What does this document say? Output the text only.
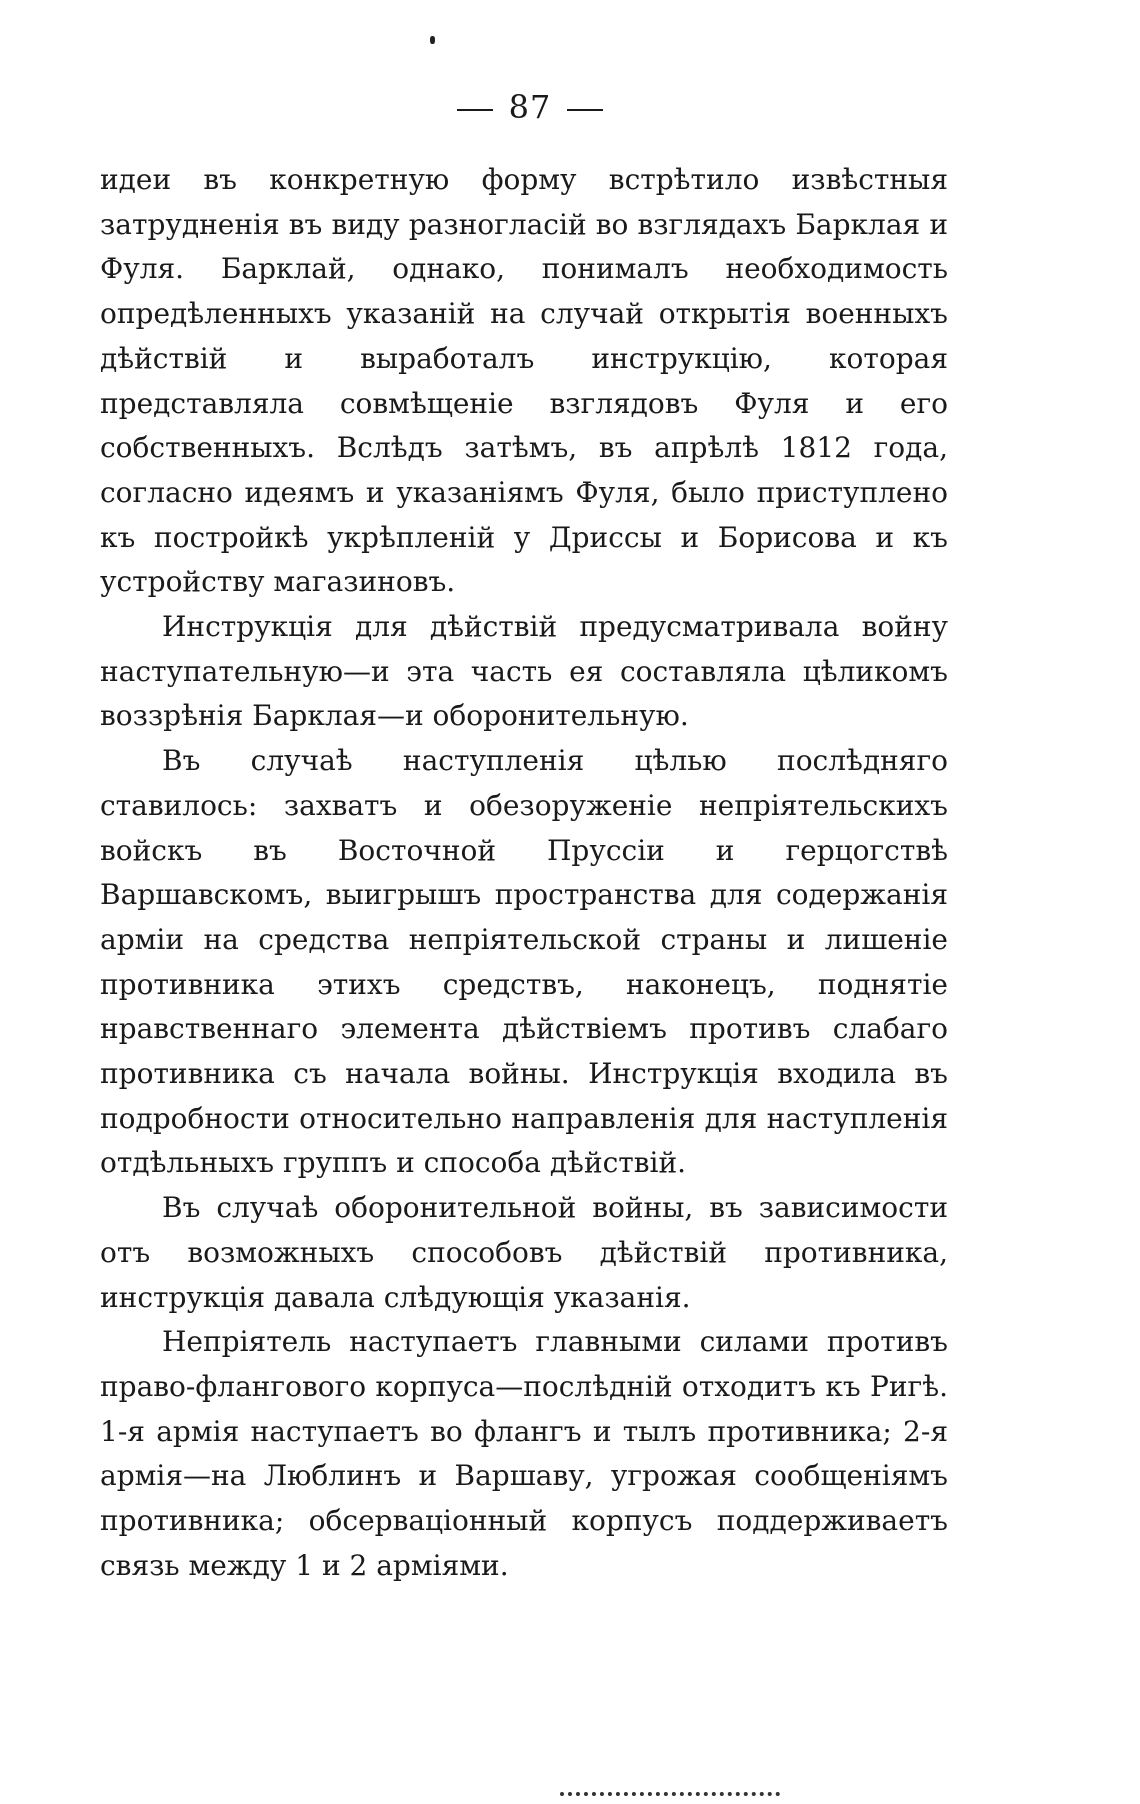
87

идеи въ конкретную форму встрѣтило извѣстныя затрудненія въ виду разногласій во взглядахъ Барклая и Фуля. Барклай, однако, понималъ необходимость опредѣленныхъ указаній на случай открытія военныхъ дѣйствій и выработалъ инструкцію, которая представляла совмѣщеніе взглядовъ Фуля и его собственныхъ. Вслѣдъ затѣмъ, въ апрѣлѣ 1812 года, согласно идеямъ и указаніямъ Фуля, было приступлено къ постройкѣ укрѣпленій у Дриссы и Борисова и къ устройству магазиновъ.

Инструкція для дѣйствій предусматривала войну наступательную—и эта часть ея составляла цѣликомъ воззрѣнія Барклая—и оборонительную.

Въ случаѣ наступленія цѣлью послѣдняго ставилось: захватъ и обезоруженіе непріятельскихъ войскъ въ Восточной Пруссіи и герцогствѣ Варшавскомъ, выигрышъ пространства для содержанія арміи на средства непріятельской страны и лишеніе противника этихъ средствъ, наконецъ, поднятіе нравственнаго элемента дѣйствіемъ противъ слабаго противника съ начала войны. Инструкція входила въ подробности относительно направленія для наступленія отдѣльныхъ группъ и способа дѣйствій.

Въ случаѣ оборонительной войны, въ зависимости отъ возможныхъ способовъ дѣйствій противника, инструкція давала слѣдующія указанія.

Непріятель наступаетъ главными силами противъ право-флангового корпуса—послѣдній отходитъ къ Ригѣ. 1-я армія наступаетъ во флангъ и тылъ противника; 2-я армія—на Люблинъ и Варшаву, угрожая сообщеніямъ противника; обсерваціонный корпусъ поддерживаетъ связь между 1 и 2 арміями.
